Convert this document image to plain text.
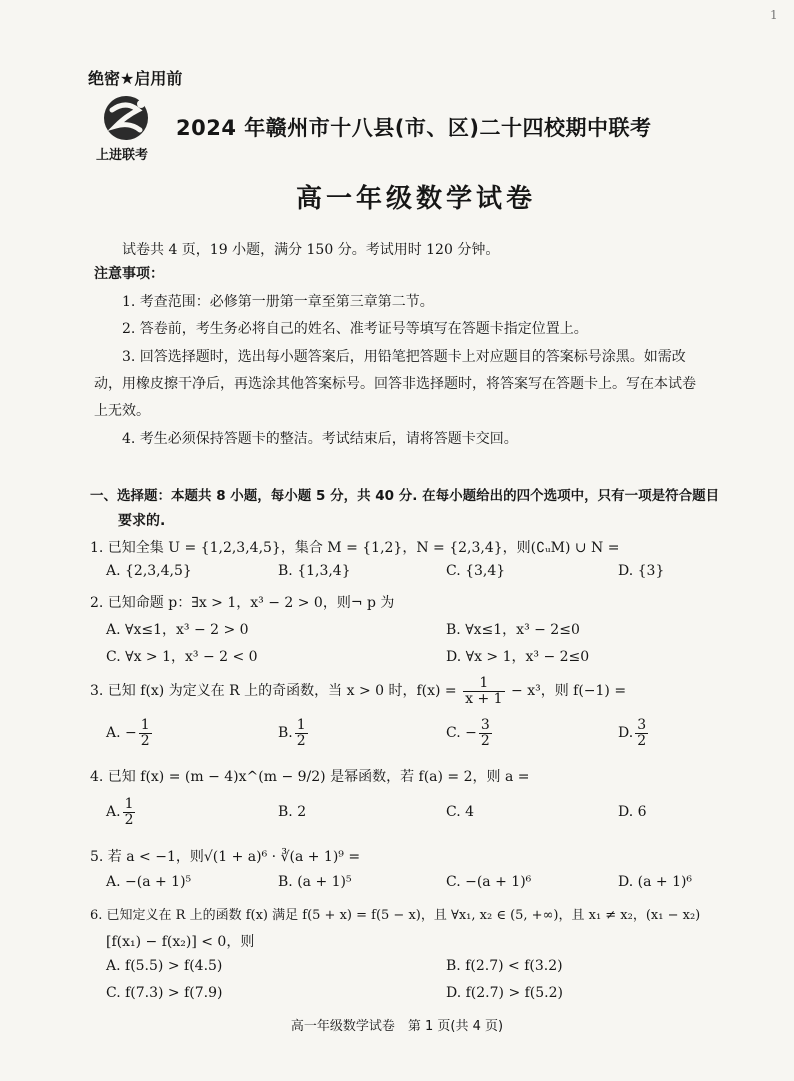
1
绝密★启用前
上进联考
2024 年赣州市十八县(市、区)二十四校期中联考
高一年级数学试卷
试卷共 4 页，19 小题，满分 150 分。考试用时 120 分钟。
注意事项：
1. 考查范围：必修第一册第一章至第三章第二节。
2. 答卷前，考生务必将自己的姓名、准考证号等填写在答题卡指定位置上。
3. 回答选择题时，选出每小题答案后，用铅笔把答题卡上对应题目的答案标号涂黑。如需改
动，用橡皮擦干净后，再选涂其他答案标号。回答非选择题时，将答案写在答题卡上。写在本试卷
上无效。
4. 考生必须保持答题卡的整洁。考试结束后，请将答题卡交回。
一、选择题：本题共 8 小题，每小题 5 分，共 40 分. 在每小题给出的四个选项中，只有一项是符合题目
要求的.
1. 已知全集 U = {1,2,3,4,5}，集合 M = {1,2}，N = {2,3,4}，则(∁ᵤM) ∪ N =
A. {2,3,4,5}	B. {1,3,4}	C. {3,4}	D. {3}
2. 已知命题 p：∃x > 1，x³ − 2 > 0，则¬ p 为
A. ∀x≤1，x³ − 2 > 0	B. ∀x≤1，x³ − 2≤0
C. ∀x > 1，x³ − 2 < 0	D. ∀x > 1，x³ − 2≤0
3. 已知 f(x) 为定义在 R 上的奇函数，当 x > 0 时，$f(x) = \frac{1}{x + 1} - x^3$，则 f(−1) =
A. − $\frac{1}{2}$	B. $\frac{1}{2}$	C. − $\frac{3}{2}$	D. $\frac{3}{2}$
4. 已知 f(x) = (m − 4)x^(m − 9/2) 是幂函数，若 f(a) = 2，则 a =
A. $\frac{1}{2}$	B. 2	C. 4	D. 6
5. 若 a < −1，则√(1 + a)⁶ · ∛(a + 1)⁹ =
A. −(a + 1)⁵	B. (a + 1)⁵	C. −(a + 1)⁶	D. (a + 1)⁶
6. 已知定义在 R 上的函数 f(x) 满足 f(5 + x) = f(5 − x)，且 ∀x₁, x₂ ∈ (5, +∞)，且 x₁ ≠ x₂，(x₁ − x₂)
[f(x₁) − f(x₂)] < 0，则
A. f(5.5) > f(4.5)	B. f(2.7) < f(3.2)
C. f(7.3) > f(7.9)	D. f(2.7) > f(5.2)
高一年级数学试卷　第 1 页(共 4 页)
